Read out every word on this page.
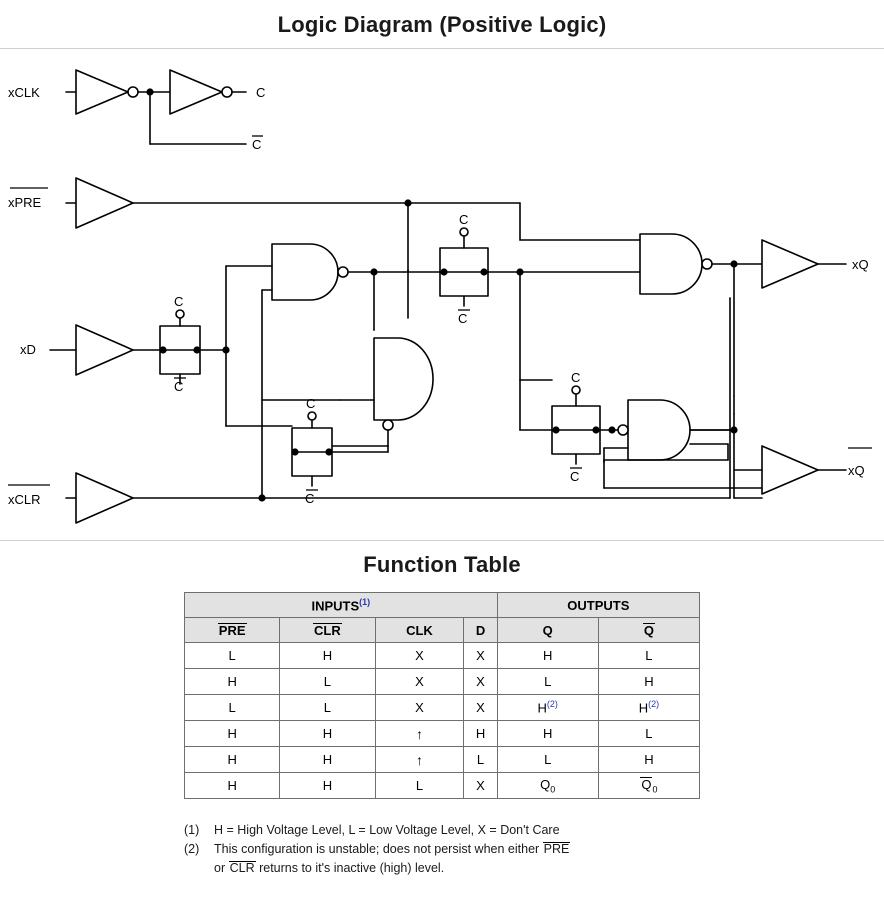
Logic Diagram (Positive Logic)
xCLK	C
C
xPRE
xD
xCLR
xQ
xQ
C
C
C
C
C
C
C
C
Function Table
INPUTS$^{(1)}$				OUTPUTS	
PRE	CLR	CLK	D	Q	Q
L	H	X	X	H	L
H	L	X	X	L	H
L	L	X	X	$H^{(2)}$	$H^{(2)}$
H	H	↑	H	H	L
H	H	↑	L	L	H
H	H	L	X	$Q_0$	$Q_0$
(1)	H = High Voltage Level, L = Low Voltage Level, X = Don't Care
(2)	This configuration is unstable; does not persist when either PRE
or CLR returns to it's inactive (high) level.
